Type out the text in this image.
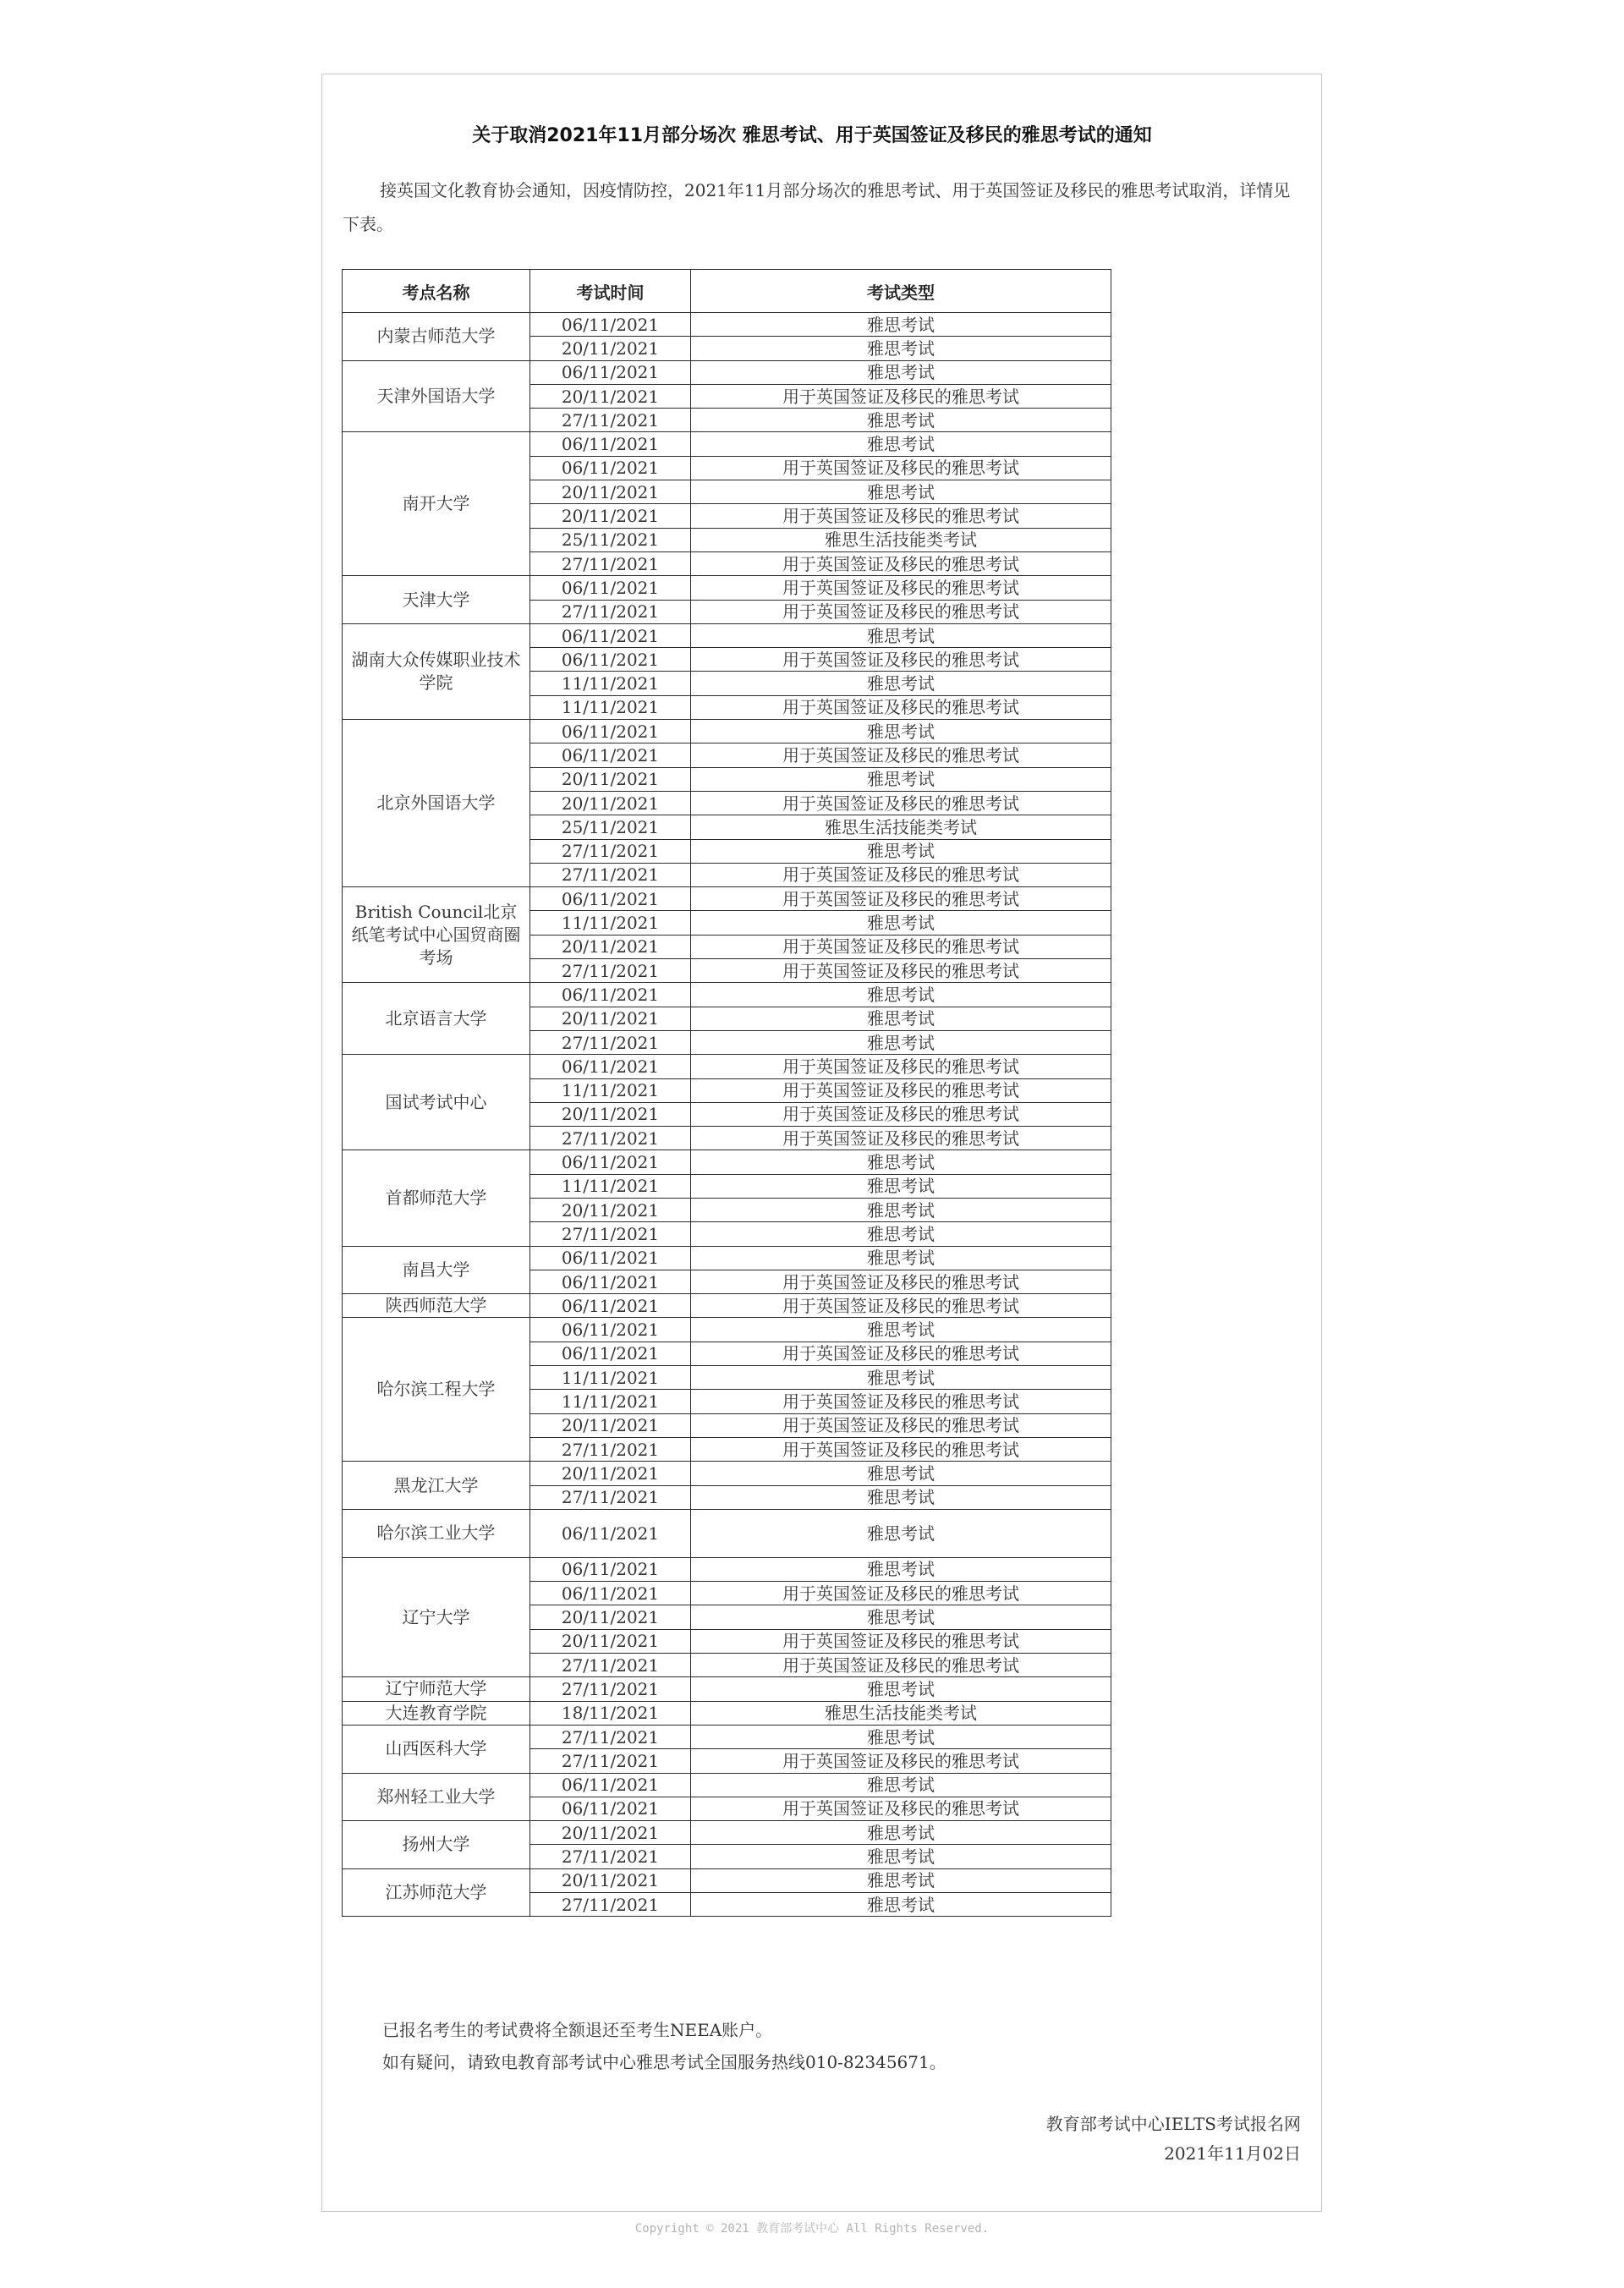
关于取消2021年11月部分场次 雅思考试、用于英国签证及移民的雅思考试的通知

接英国文化教育协会通知，因疫情防控，2021年11月部分场次的雅思考试、用于英国签证及移民的雅思考试取消，详情见下表。

考点名称	考试时间	考试类型
内蒙古师范大学	06/11/2021	雅思考试
	20/11/2021	雅思考试
天津外国语大学	06/11/2021	雅思考试
	20/11/2021	用于英国签证及移民的雅思考试
	27/11/2021	雅思考试
南开大学	06/11/2021	雅思考试
	06/11/2021	用于英国签证及移民的雅思考试
	20/11/2021	雅思考试
	20/11/2021	用于英国签证及移民的雅思考试
	25/11/2021	雅思生活技能类考试
	27/11/2021	用于英国签证及移民的雅思考试
天津大学	06/11/2021	用于英国签证及移民的雅思考试
	27/11/2021	用于英国签证及移民的雅思考试
湖南大众传媒职业技术学院	06/11/2021	雅思考试
	06/11/2021	用于英国签证及移民的雅思考试
	11/11/2021	雅思考试
	11/11/2021	用于英国签证及移民的雅思考试
北京外国语大学	06/11/2021	雅思考试
	06/11/2021	用于英国签证及移民的雅思考试
	20/11/2021	雅思考试
	20/11/2021	用于英国签证及移民的雅思考试
	25/11/2021	雅思生活技能类考试
	27/11/2021	雅思考试
	27/11/2021	用于英国签证及移民的雅思考试
British Council北京纸笔考试中心国贸商圈考场	06/11/2021	用于英国签证及移民的雅思考试
	11/11/2021	雅思考试
	20/11/2021	用于英国签证及移民的雅思考试
	27/11/2021	用于英国签证及移民的雅思考试
北京语言大学	06/11/2021	雅思考试
	20/11/2021	雅思考试
	27/11/2021	雅思考试
国试考试中心	06/11/2021	用于英国签证及移民的雅思考试
	11/11/2021	用于英国签证及移民的雅思考试
	20/11/2021	用于英国签证及移民的雅思考试
	27/11/2021	用于英国签证及移民的雅思考试
首都师范大学	06/11/2021	雅思考试
	11/11/2021	雅思考试
	20/11/2021	雅思考试
	27/11/2021	雅思考试
南昌大学	06/11/2021	雅思考试
	06/11/2021	用于英国签证及移民的雅思考试
陕西师范大学	06/11/2021	用于英国签证及移民的雅思考试
哈尔滨工程大学	06/11/2021	雅思考试
	06/11/2021	用于英国签证及移民的雅思考试
	11/11/2021	雅思考试
	11/11/2021	用于英国签证及移民的雅思考试
	20/11/2021	用于英国签证及移民的雅思考试
	27/11/2021	用于英国签证及移民的雅思考试
黑龙江大学	20/11/2021	雅思考试
	27/11/2021	雅思考试
哈尔滨工业大学	06/11/2021	雅思考试
辽宁大学	06/11/2021	雅思考试
	06/11/2021	用于英国签证及移民的雅思考试
	20/11/2021	雅思考试
	20/11/2021	用于英国签证及移民的雅思考试
	27/11/2021	用于英国签证及移民的雅思考试
辽宁师范大学	27/11/2021	雅思考试
大连教育学院	18/11/2021	雅思生活技能类考试
山西医科大学	27/11/2021	雅思考试
	27/11/2021	用于英国签证及移民的雅思考试
郑州轻工业大学	06/11/2021	雅思考试
	06/11/2021	用于英国签证及移民的雅思考试
扬州大学	20/11/2021	雅思考试
	27/11/2021	雅思考试
江苏师范大学	20/11/2021	雅思考试
	27/11/2021	雅思考试

已报名考生的考试费将全额退还至考生NEEA账户。

如有疑问，请致电教育部考试中心雅思考试全国服务热线010-82345671。

教育部考试中心IELTS考试报名网

2021年11月02日

Copyright © 2021 教育部考试中心 All Rights Reserved.
